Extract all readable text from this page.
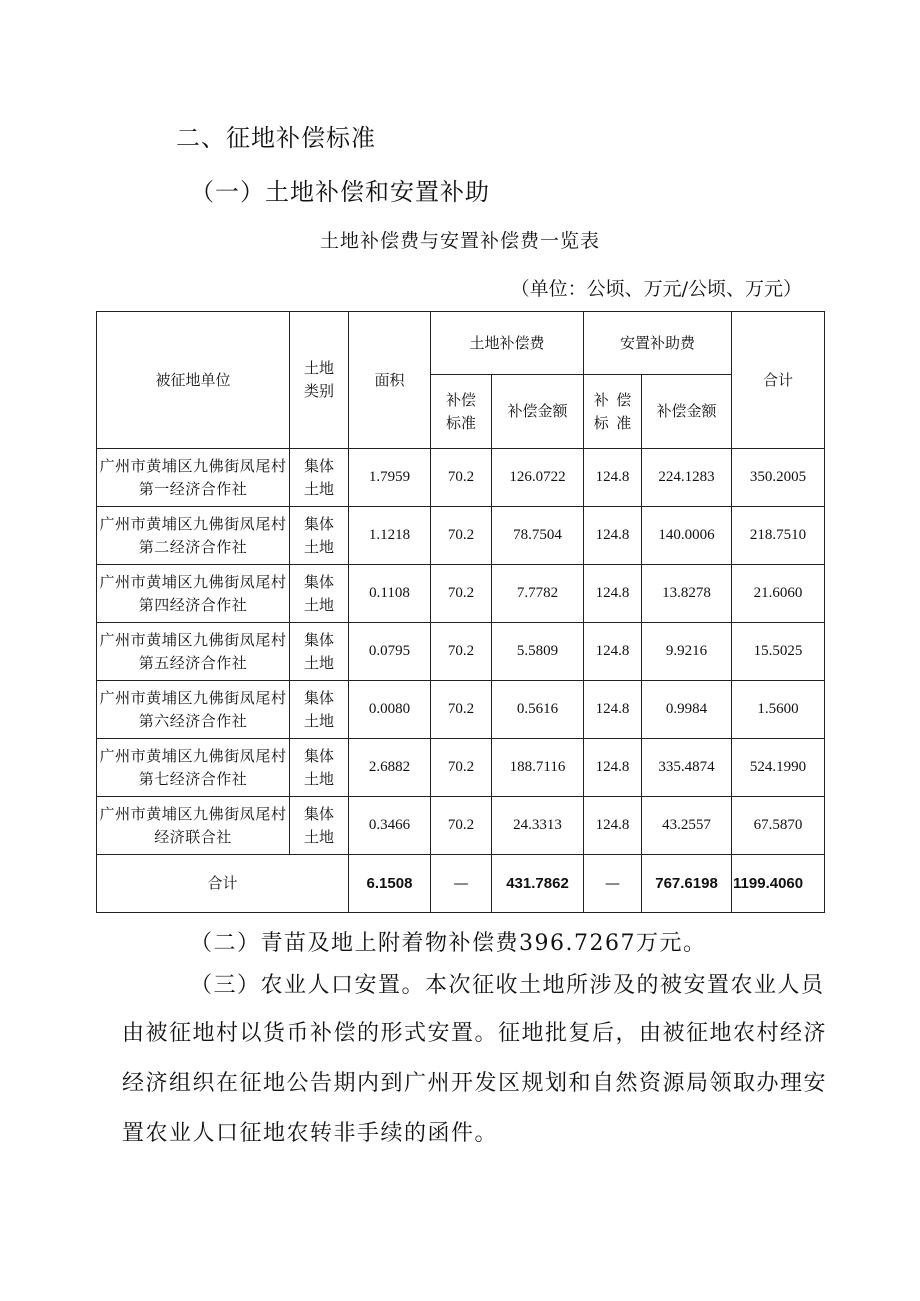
二、征地补偿标准
（一）土地补偿和安置补助
土地补偿费与安置补偿费一览表
（单位：公顷、万元/公顷、万元）
被征地单位	土地类别	面积	土地补偿费		安置补助费		合计

			补偿标准	补偿金额	补偿标准	补偿金额	

广州市黄埔区九佛街凤尾村第一经济合作社	集体土地	1.7959	70.2	126.0722	124.8	224.1283	350.2005

广州市黄埔区九佛街凤尾村第二经济合作社	集体土地	1.1218	70.2	78.7504	124.8	140.0006	218.7510

广州市黄埔区九佛街凤尾村第四经济合作社	集体土地	0.1108	70.2	7.7782	124.8	13.8278	21.6060

广州市黄埔区九佛街凤尾村第五经济合作社	集体土地	0.0795	70.2	5.5809	124.8	9.9216	15.5025

广州市黄埔区九佛街凤尾村第六经济合作社	集体土地	0.0080	70.2	0.5616	124.8	0.9984	1.5600

广州市黄埔区九佛街凤尾村第七经济合作社	集体土地	2.6882	70.2	188.7116	124.8	335.4874	524.1990

广州市黄埔区九佛街凤尾村经济联合社	集体土地	0.3466	70.2	24.3313	124.8	43.2557	67.5870
合计		6.1508	—	431.7862	—	767.6198	1199.4060
（二）青苗及地上附着物补偿费396.7267万元。
（三）农业人口安置。本次征收土地所涉及的被安置农业人员
由被征地村以货币补偿的形式安置。征地批复后，由被征地农村经济
经济组织在征地公告期内到广州开发区规划和自然资源局领取办理安
置农业人口征地农转非手续的函件。
